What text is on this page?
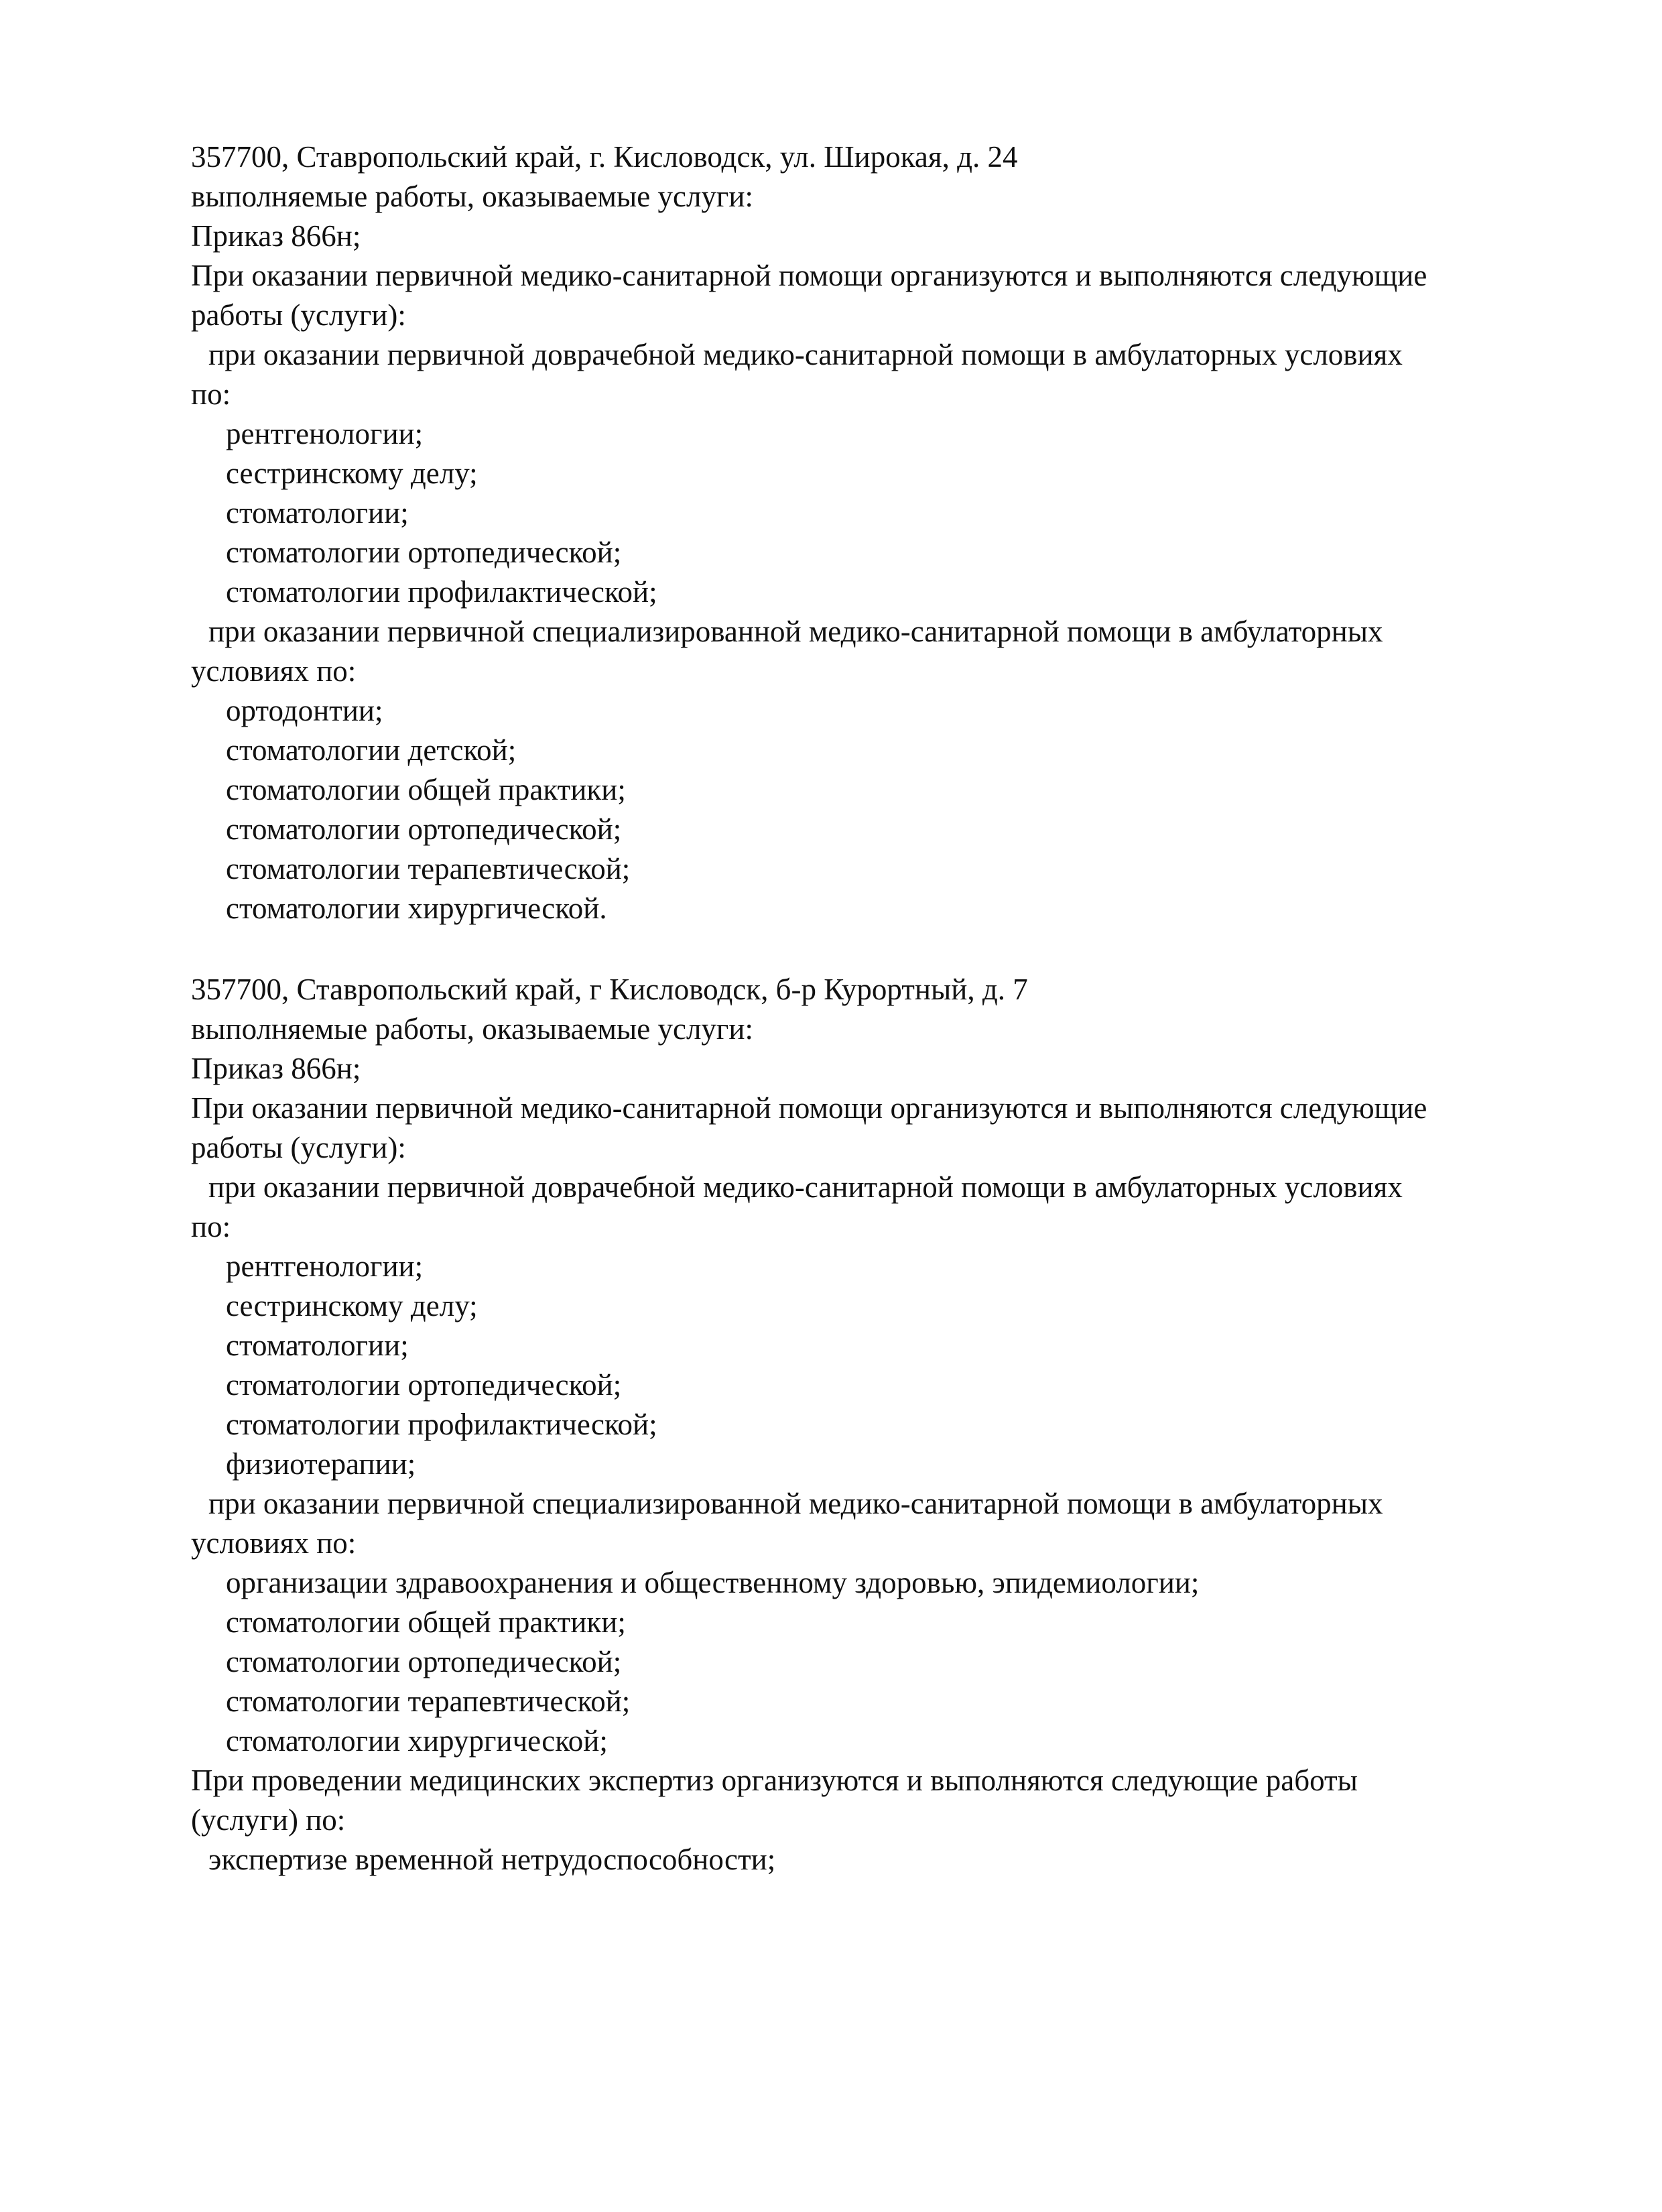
357700, Ставропольский край, г. Кисловодск, ул. Широкая, д. 24
выполняемые работы, оказываемые услуги:
Приказ 866н;
При оказании первичной медико-санитарной помощи организуются и выполняются следующие
работы (услуги):
при оказании первичной доврачебной медико-санитарной помощи в амбулаторных условиях
по:
рентгенологии;
сестринскому делу;
стоматологии;
стоматологии ортопедической;
стоматологии профилактической;
при оказании первичной специализированной медико-санитарной помощи в амбулаторных
условиях по:
ортодонтии;
стоматологии детской;
стоматологии общей практики;
стоматологии ортопедической;
стоматологии терапевтической;
стоматологии хирургической.
357700, Ставропольский край, г Кисловодск, б-р Курортный, д. 7
выполняемые работы, оказываемые услуги:
Приказ 866н;
При оказании первичной медико-санитарной помощи организуются и выполняются следующие
работы (услуги):
при оказании первичной доврачебной медико-санитарной помощи в амбулаторных условиях
по:
рентгенологии;
сестринскому делу;
стоматологии;
стоматологии ортопедической;
стоматологии профилактической;
физиотерапии;
при оказании первичной специализированной медико-санитарной помощи в амбулаторных
условиях по:
организации здравоохранения и общественному здоровью, эпидемиологии;
стоматологии общей практики;
стоматологии ортопедической;
стоматологии терапевтической;
стоматологии хирургической;
При проведении медицинских экспертиз организуются и выполняются следующие работы
(услуги) по:
экспертизе временной нетрудоспособности;
